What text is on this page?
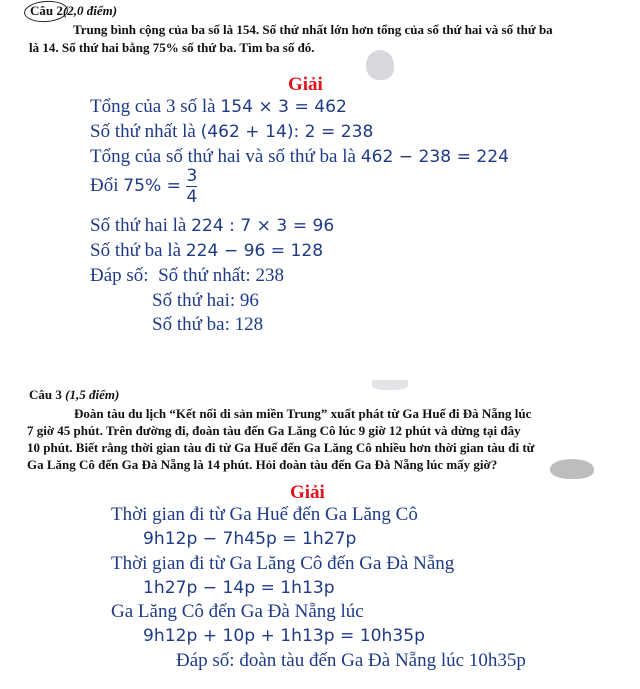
Câu 2(2,0 điểm)
Trung bình cộng của ba số là 154. Số thứ nhất lớn hơn tổng của số thứ hai và số thứ ba
là 14. Số thứ hai bằng 75% số thứ ba. Tìm ba số đó.
Giải
Tổng của 3 số là 154 × 3 = 462
Số thứ nhất là (462 + 14): 2 = 238
Tổng của số thứ hai và số thứ ba là 462 − 238 = 224
Đổi $75\% = \frac{3}{4}$
Số thứ hai là 224 : 7 × 3 = 96
Số thứ ba là 224 − 96 = 128
Đáp số: Số thứ nhất: 238
Số thứ hai: 96
Số thứ ba: 128
Câu 3 (1,5 điểm)
Đoàn tàu du lịch “Kết nối di sản miền Trung” xuất phát từ Ga Huế đi Đà Nẵng lúc
7 giờ 45 phút. Trên đường đi, đoàn tàu đến Ga Lăng Cô lúc 9 giờ 12 phút và dừng tại đây
10 phút. Biết rằng thời gian tàu đi từ Ga Huế đến Ga Lăng Cô nhiều hơn thời gian tàu đi từ
Ga Lăng Cô đến Ga Đà Nẵng là 14 phút. Hỏi đoàn tàu đến Ga Đà Nẵng lúc mấy giờ?
Giải
Thời gian đi từ Ga Huế đến Ga Lăng Cô
9h12p − 7h45p = 1h27p
Thời gian đi từ Ga Lăng Cô đến Ga Đà Nẵng
1h27p − 14p = 1h13p
Ga Lăng Cô đến Ga Đà Nẵng lúc
9h12p + 10p + 1h13p = 10h35p
Đáp số: đoàn tàu đến Ga Đà Nẵng lúc 10h35p
